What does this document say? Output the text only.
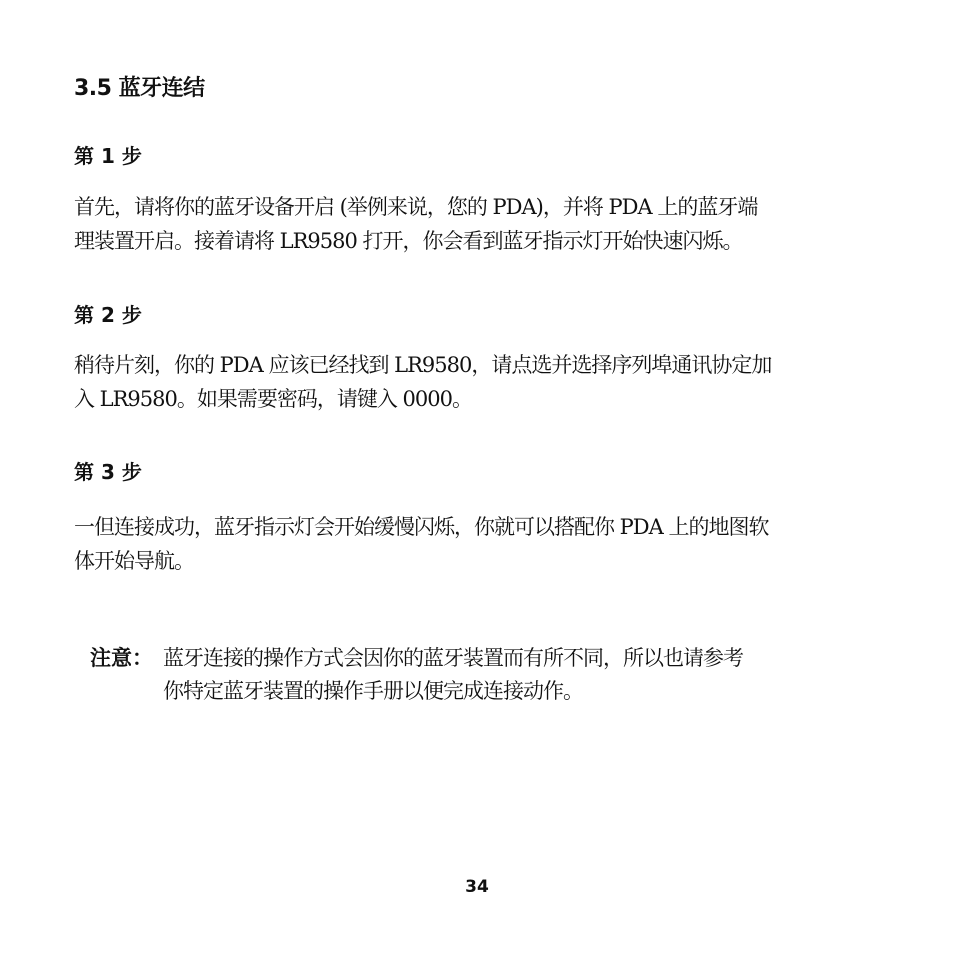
3.5 蓝牙连结
第 1 步
首先，请将你的蓝牙设备开启 (举例来说，您的 PDA)，并将 PDA 上的蓝牙端
理装置开启。接着请将 LR9580 打开，你会看到蓝牙指示灯开始快速闪烁。
第 2 步
稍待片刻，你的 PDA 应该已经找到 LR9580，请点选并选择序列埠通讯协定加
入 LR9580。如果需要密码，请键入 0000。
第 3 步
一但连接成功，蓝牙指示灯会开始缓慢闪烁，你就可以搭配你 PDA 上的地图软
体开始导航。
注意： 蓝牙连接的操作方式会因你的蓝牙装置而有所不同，所以也请参考
你特定蓝牙装置的操作手册以便完成连接动作。
34
